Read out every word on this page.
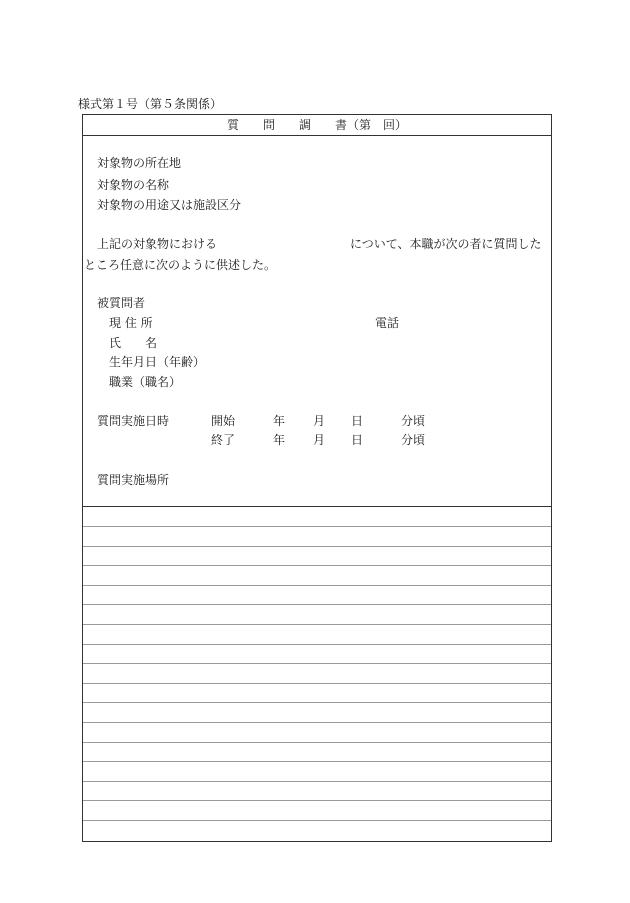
様式第１号（第５条関係）
質　　問　　調　　書（第　回）
対象物の所在地
対象物の名称
対象物の用途又は施設区分
上記の対象物における	について、本職が次の者に質問した
ところ任意に次のように供述した。
被質問者
現 住 所	電話
氏　　名
生年月日（年齢）
職業（職名）
質問実施日時	開始	年 月 日	分頃
終了	年 月 日	分頃
質問実施場所
